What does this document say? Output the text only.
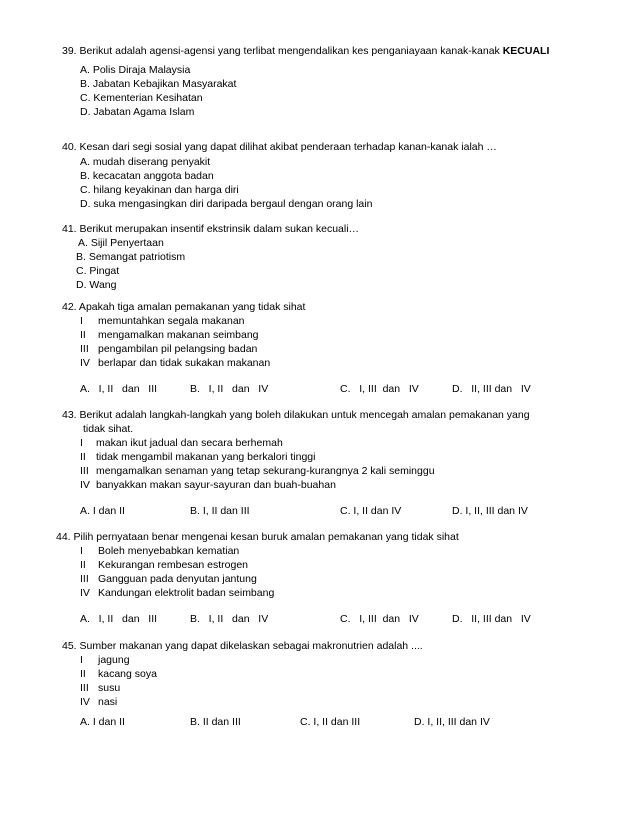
39. Berikut adalah agensi-agensi yang terlibat mengendalikan kes penganiayaan kanak-kanak KECUALI
A. Polis Diraja Malaysia
B. Jabatan Kebajikan Masyarakat
C. Kementerian Kesihatan
D. Jabatan Agama Islam
40. Kesan dari segi sosial yang dapat dilihat akibat penderaan terhadap kanan-kanak ialah …
A. mudah diserang penyakit
B. kecacatan anggota badan
C. hilang keyakinan dan harga diri
D. suka mengasingkan diri daripada bergaul dengan orang lain
41. Berikut merupakan insentif ekstrinsik dalam sukan kecuali…
A. Sijil Penyertaan
B. Semangat patriotism
C. Pingat
D. Wang
42. Apakah tiga amalan pemakanan yang tidak sihat
I memuntahkan segala makanan
II mengamalkan makanan seimbang
III pengambilan pil pelangsing badan
IV berlapar dan tidak sukakan makanan
A.   I, II   dan   III	B.   I, II   dan   IV	C.   I, III  dan   IV	D.   II, III dan   IV
43. Berikut adalah langkah-langkah yang boleh dilakukan untuk mencegah amalan pemakanan yang
tidak sihat.
I makan ikut jadual dan secara berhemah
II tidak mengambil makanan yang berkalori tinggi
III mengamalkan senaman yang tetap sekurang-kurangnya 2 kali seminggu
IV banyakkan makan sayur-sayuran dan buah-buahan
A. I dan II	B. I, II dan III	C. I, II dan IV	D. I, II, III dan IV
44. Pilih pernyataan benar mengenai kesan buruk amalan pemakanan yang tidak sihat
I Boleh menyebabkan kematian
II Kekurangan rembesan estrogen
III Gangguan pada denyutan jantung
IV Kandungan elektrolit badan seimbang
A.   I, II   dan   III	B.   I, II   dan   IV	C.   I, III  dan   IV	D.   II, III dan   IV
45. Sumber makanan yang dapat dikelaskan sebagai makronutrien adalah ....
I jagung
II kacang soya
III susu
IV nasi
A. I dan II	B. II dan III	C. I, II dan III	D. I, II, III dan IV
